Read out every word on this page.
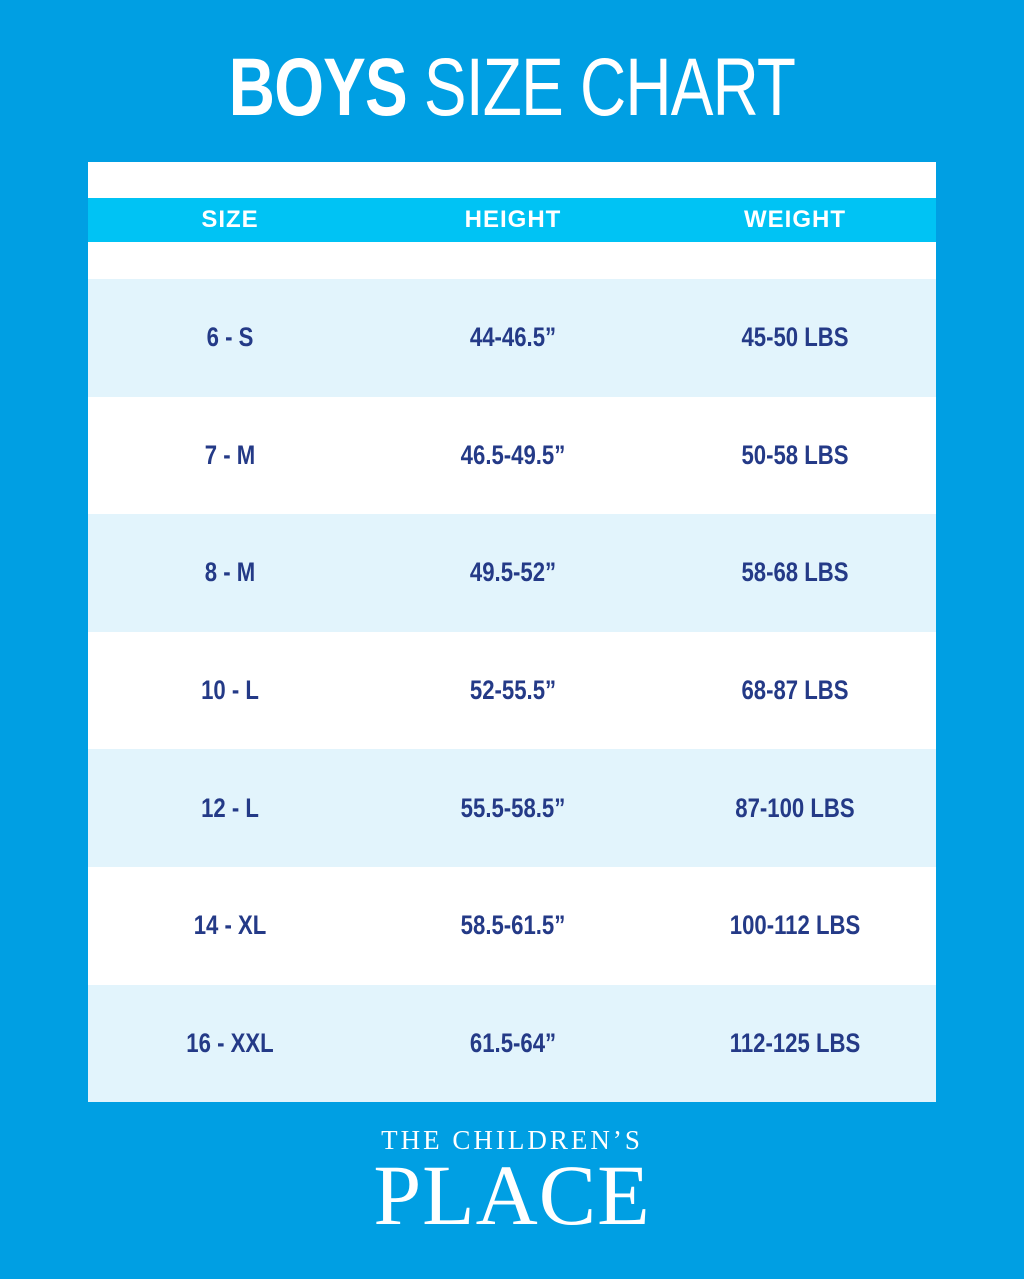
BOYS SIZE CHART
SIZE	HEIGHT	WEIGHT
6 - S	44-46.5”	45-50 LBS
7 - M	46.5-49.5”	50-58 LBS
8 - M	49.5-52”	58-68 LBS
10 - L	52-55.5”	68-87 LBS
12 - L	55.5-58.5”	87-100 LBS
14 - XL	58.5-61.5”	100-112 LBS
16 - XXL	61.5-64”	112-125 LBS
THE CHILDREN’S
PLACE
